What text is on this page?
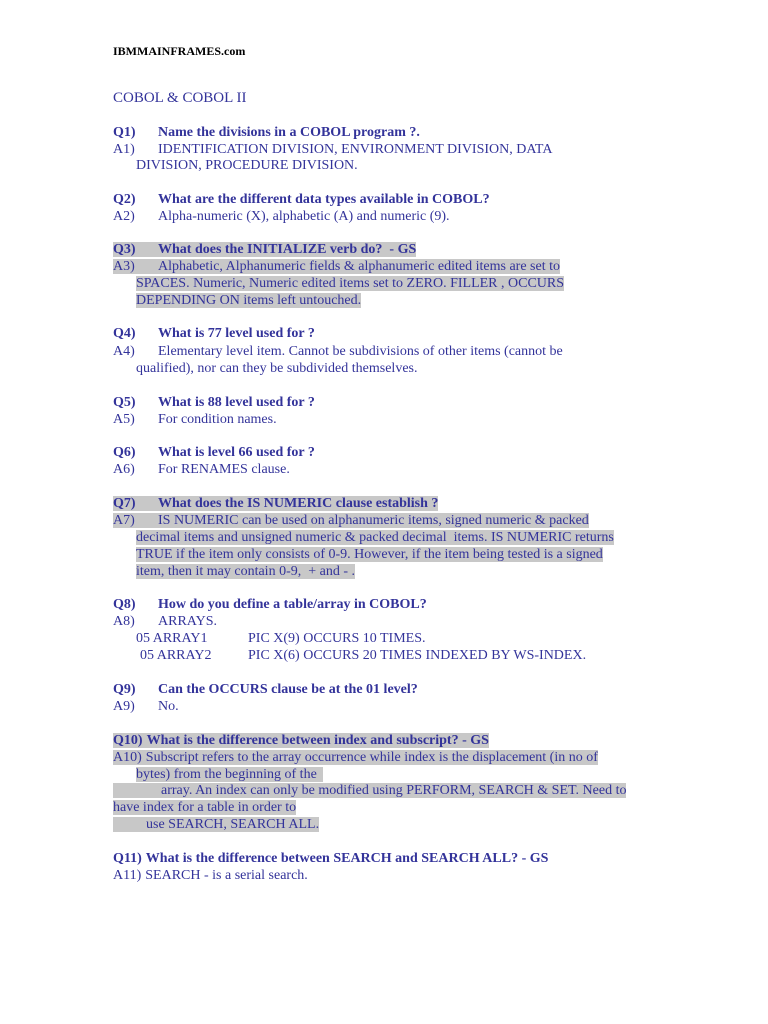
IBMMAINFRAMES.com
COBOL & COBOL II
Q1) Name the divisions in a COBOL program ?.
A1) IDENTIFICATION DIVISION, ENVIRONMENT DIVISION, DATA
DIVISION, PROCEDURE DIVISION.
Q2) What are the different data types available in COBOL?
A2) Alpha-numeric (X), alphabetic (A) and numeric (9).
Q3) What does the INITIALIZE verb do?  - GS
A3) Alphabetic, Alphanumeric fields & alphanumeric edited items are set to
SPACES. Numeric, Numeric edited items set to ZERO. FILLER , OCCURS
DEPENDING ON items left untouched.
Q4) What is 77 level used for ?
A4) Elementary level item. Cannot be subdivisions of other items (cannot be
qualified), nor can they be subdivided themselves.
Q5) What is 88 level used for ?
A5) For condition names.
Q6) What is level 66 used for ?
A6) For RENAMES clause.
Q7) What does the IS NUMERIC clause establish ?
A7) IS NUMERIC can be used on alphanumeric items, signed numeric & packed
decimal items and unsigned numeric & packed decimal  items. IS NUMERIC returns
TRUE if the item only consists of 0-9. However, if the item being tested is a signed
item, then it may contain 0-9,  + and - .
Q8) How do you define a table/array in COBOL?
A8) ARRAYS.
05 ARRAY1	PIC X(9) OCCURS 10 TIMES.
05 ARRAY2	PIC X(6) OCCURS 20 TIMES INDEXED BY WS-INDEX.
Q9) Can the OCCURS clause be at the 01 level?
A9) No.
Q10) What is the difference between index and subscript? - GS
A10) Subscript refers to the array occurrence while index is the displacement (in no of
bytes) from the beginning of the
array. An index can only be modified using PERFORM, SEARCH & SET. Need to
have index for a table in order to
use SEARCH, SEARCH ALL.
Q11) What is the difference between SEARCH and SEARCH ALL? - GS
A11) SEARCH - is a serial search.
